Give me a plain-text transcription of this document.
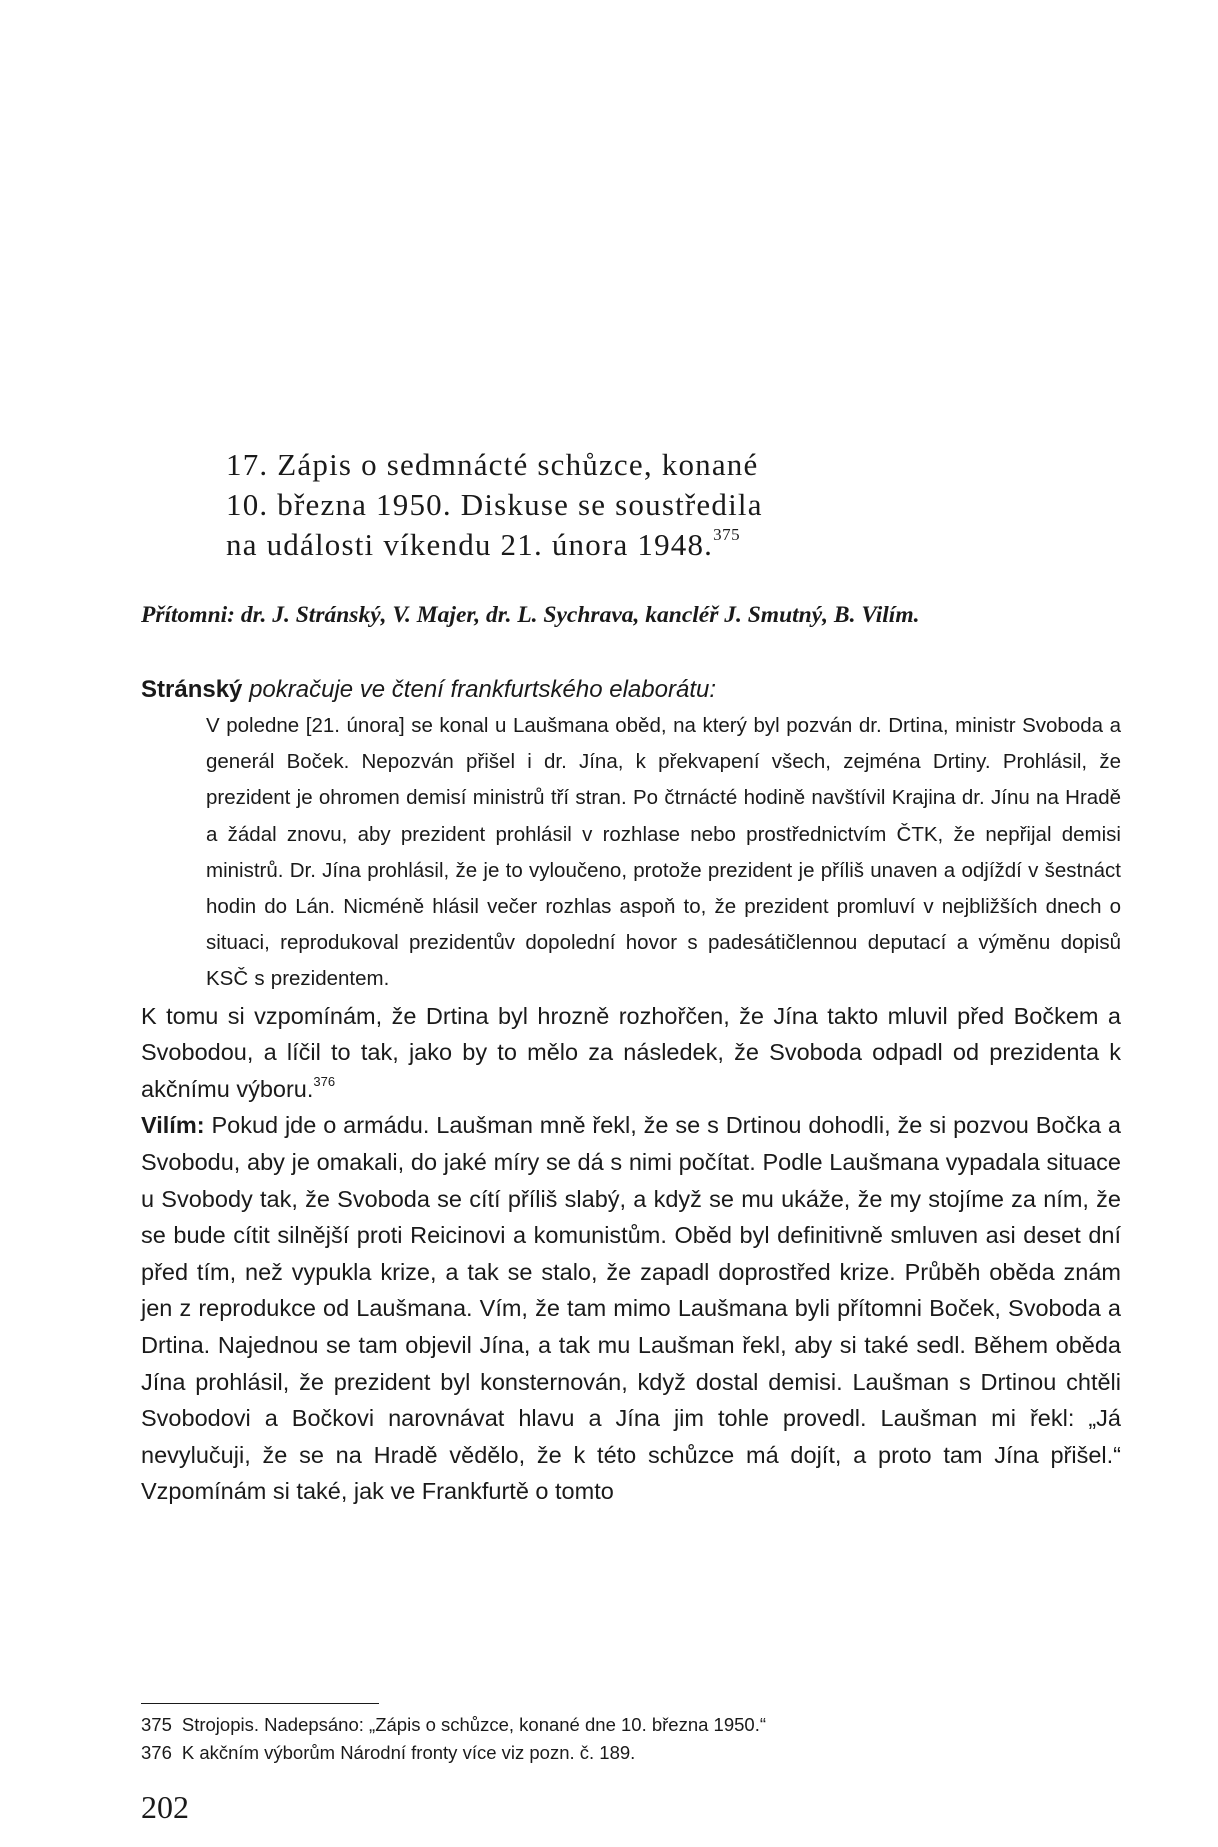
17. Zápis o sedmnácté schůzce, konané
10. března 1950. Diskuse se soustředila
na události víkendu 21. února 1948.$^{375}$
Přítomni: dr. J. Stránský, V. Majer, dr. L. Sychrava, kancléř J. Smutný, B. Vilím.
Stránský pokračuje ve čtení frankfurtského elaborátu:
V poledne [21. února] se konal u Laušmana oběd, na který byl pozván dr. Drtina, ministr Svoboda a generál Boček. Nepozván přišel i dr. Jína, k překvapení všech, zejména Drtiny. Prohlásil, že prezident je ohromen demisí ministrů tří stran. Po čtrnácté hodině navštívil Krajina dr. Jínu na Hradě a žádal znovu, aby prezident prohlásil v rozhlase nebo prostřednictvím ČTK, že nepřijal demisi ministrů. Dr. Jína prohlásil, že je to vyloučeno, protože prezident je příliš unaven a odjíždí v šestnáct hodin do Lán. Nicméně hlásil večer rozhlas aspoň to, že prezident promluví v nejbližších dnech o situaci, reprodukoval prezidentův dopolední hovor s padesátičlennou deputací a výměnu dopisů KSČ s prezidentem.

K tomu si vzpomínám, že Drtina byl hrozně rozhořčen, že Jína takto mluvil před Bočkem a Svobodou, a líčil to tak, jako by to mělo za následek, že Svoboda odpadl od prezidenta k akčnímu výboru.$^{376}$

Vilím: Pokud jde o armádu. Laušman mně řekl, že se s Drtinou dohodli, že si pozvou Bočka a Svobodu, aby je omakali, do jaké míry se dá s nimi počítat. Podle Laušmana vypadala situace u Svobody tak, že Svoboda se cítí příliš slabý, a když se mu ukáže, že my stojíme za ním, že se bude cítit silnější proti Reicinovi a komunistům. Oběd byl definitivně smluven asi deset dní před tím, než vypukla krize, a tak se stalo, že zapadl doprostřed krize. Průběh oběda znám jen z reprodukce od Laušmana. Vím, že tam mimo Laušmana byli přítomni Boček, Svoboda a Drtina. Najednou se tam objevil Jína, a tak mu Laušman řekl, aby si také sedl. Během oběda Jína prohlásil, že prezident byl konsternován, když dostal demisi. Laušman s Drtinou chtěli Svobodovi a Bočkovi narovnávat hlavu a Jína jim tohle provedl. Laušman mi řekl: „Já nevylučuji, že se na Hradě vědělo, že k této schůzce má dojít, a proto tam Jína přišel.“ Vzpomínám si také, jak ve Frankfurtě o tomto

375 Strojopis. Nadepsáno: „Zápis o schůzce, konané dne 10. března 1950.“
376 K akčním výborům Národní fronty více viz pozn. č. 189.
202
